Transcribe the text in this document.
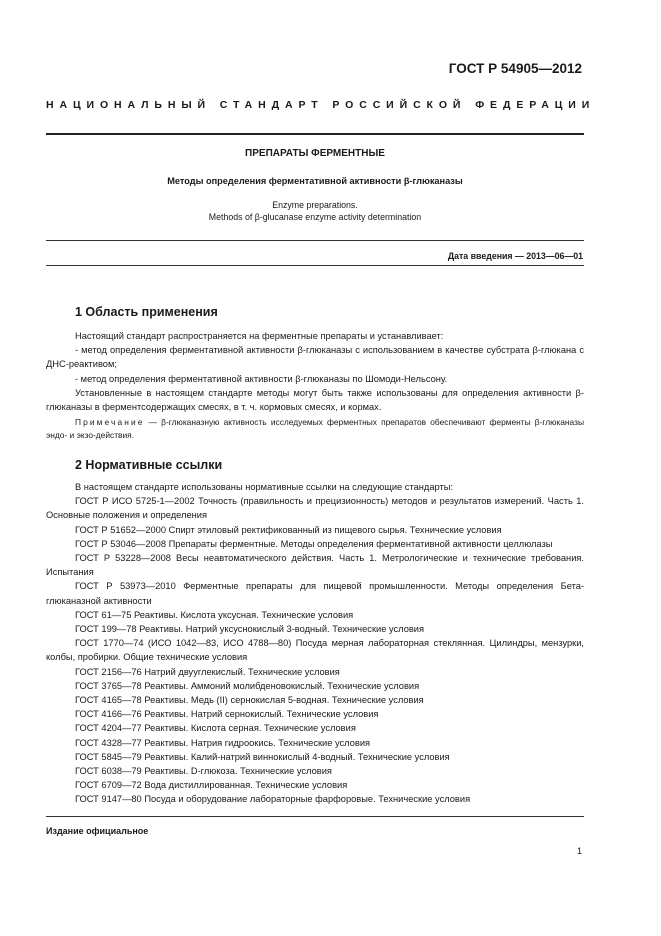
ГОСТ Р 54905—2012
НАЦИОНАЛЬНЫЙ СТАНДАРТ РОССИЙСКОЙ ФЕДЕРАЦИИ
ПРЕПАРАТЫ ФЕРМЕНТНЫЕ
Методы определения ферментативной активности β-глюканазы
Enzyme preparations.
Methods of β-glucanase enzyme activity determination
Дата введения — 2013—06—01
1 Область применения

Настоящий стандарт распространяется на ферментные препараты и устанавливает:

- метод определения ферментативной активности β-глюканазы с использованием в качестве субстрата β-глюкана с ДНС-реактивом;

- метод определения ферментативной активности β-глюканазы по Шомоди-Нельсону.

Установленные в настоящем стандарте методы могут быть также использованы для определения активности β-глюканазы в ферментсодержащих смесях, в т. ч. кормовых смесях, и кормах.

Примечание — β-глюканазную активность исследуемых ферментных препаратов обеспечивают ферменты β-глюканазы эндо- и экзо-действия.

2 Нормативные ссылки
В настоящем стандарте использованы нормативные ссылки на следующие стандарты:
ГОСТ Р ИСО 5725-1—2002 Точность (правильность и прецизионность) методов и результатов измерений. Часть 1. Основные положения и определения
ГОСТ Р 51652—2000 Спирт этиловый ректификованный из пищевого сырья. Технические условия
ГОСТ Р 53046—2008 Препараты ферментные. Методы определения ферментативной активности целлюлазы
ГОСТ Р 53228—2008 Весы неавтоматического действия. Часть 1. Метрологические и технические требования. Испытания
ГОСТ Р 53973—2010 Ферментные препараты для пищевой промышленности. Методы определения Бета-глюканазной активности
ГОСТ 61—75 Реактивы. Кислота уксусная. Технические условия
ГОСТ 199—78 Реактивы. Натрий уксуснокислый 3-водный. Технические условия
ГОСТ 1770—74 (ИСО 1042—83, ИСО 4788—80) Посуда мерная лабораторная стеклянная. Цилиндры, мензурки, колбы, пробирки. Общие технические условия
ГОСТ 2156—76 Натрий двууглекислый. Технические условия
ГОСТ 3765—78 Реактивы. Аммоний молибденовокислый. Технические условия
ГОСТ 4165—78 Реактивы. Медь (II) сернокислая 5-водная. Технические условия
ГОСТ 4166—76 Реактивы. Натрий сернокислый. Технические условия
ГОСТ 4204—77 Реактивы. Кислота серная. Технические условия
ГОСТ 4328—77 Реактивы. Натрия гидроокись. Технические условия
ГОСТ 5845—79 Реактивы. Калий-натрий виннокислый 4-водный. Технические условия
ГОСТ 6038—79 Реактивы. D-глюкоза. Технические условия
ГОСТ 6709—72 Вода дистиллированная. Технические условия
ГОСТ 9147—80 Посуда и оборудование лабораторные фарфоровые. Технические условия
Издание официальное
1
